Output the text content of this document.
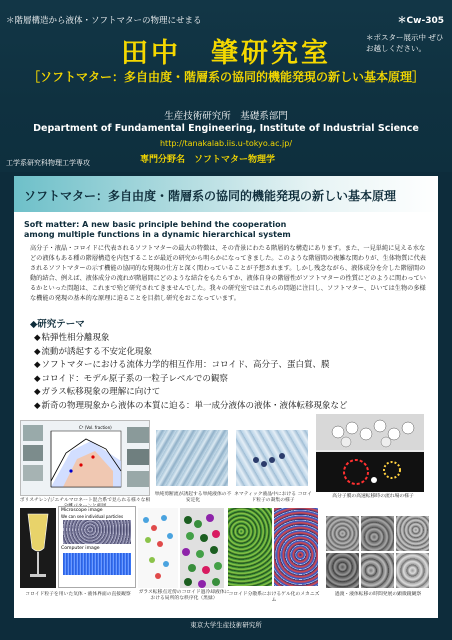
＊階層構造から液体・ソフトマターの物理にせまる	＊Cw-305
＊ポスター展示中 ぜひお越しください。
田中　肇研究室
［ソフトマター：多自由度・階層系の協同的機能発現の新しい基本原理］
生産技術研究所　基礎系部門
Department of Fundamental Engineering, Institute of Industrial Science
http://tanakalab.iis.u-tokyo.ac.jp/
専門分野名　ソフトマター物理学
工学系研究科物理工学専攻
ソフトマター：多自由度・階層系の協同的機能発現の新しい基本原理
Soft matter: A new basic principle behind the cooperation
among multiple functions in a dynamic hierarchical system
高分子・液晶・コロイドに代表されるソフトマターの最大の特徴は、その背景にわたる階層的な構造にあります。また、一見単純に見える水などの液体もある種の階層構造を内包することが最近の研究から明らかになってきました。このような階層間の複雑な関わりが、生体物質に代表されるソフトマターの示す機能の協同的な発現の仕方と深く関わっていることが予想されます。しかし残念ながら、液体成分を介した階層間の動的結合、例えば、液体成分の流れが階層間にどのような結合をもたらすか、液体自身の階層性がソフトマターの性質にどのように関わっているかといった問題は、これまで殆ど研究されてきませんでした。我々の研究室ではこれらの問題に注目し、ソフトマター、ひいては生物の多様な機能の発現の基本的な原理に迫ることを目指し研究をおこなっています。
◆研究テーマ
◆ 粘弾性相分離現象
◆ 流動が誘起する不安定化現象
◆ ソフトマターにおける流体力学的相互作用：コロイド、高分子、蛋白質、膜
◆ コロイド：モデル原子系の一粒子レベルでの観察
◆ ガラス転移現象の理解に向けて
◆ 新奇の物理現象から液体の本質に迫る：単一成分液体の液体・液体転移現象など
C³ (Vol. fraction)
ポリスチレン/ジエチルマロネート混合系で見られる様々な相
単純剪断流が誘起する単純液体の不安定化
ネマティック液晶中における コロイド粒子の凝集の様子
高分子膜の高速転移時の流れ場の様子
Microscope image
We can see individual particles
Computer image
コロイド粒子を用いた気体・液体界面の直接観察	ガラス転移点近傍のコロイド過冷却液体における局所的な秩序化（黒緑）
コロイド分散系におけるゲル化のメカニズム
過渡・液体転移の時間発展の顕微鏡観察
東京大学生産技術研究所
